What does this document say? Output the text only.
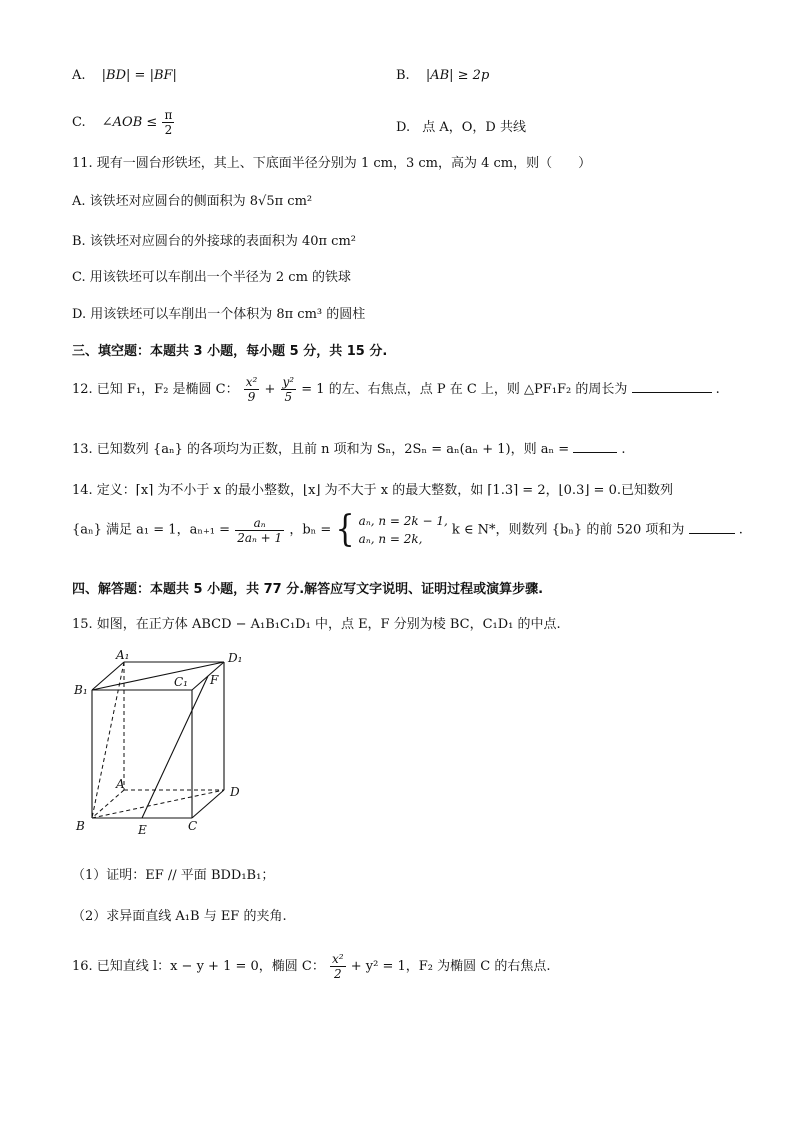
A. |BD| = |BF|	B. |AB| ≥ 2p
C. ∠AOB ≤ $\frac{\pi}{2}$	D. 点 A，O，D 共线
11. 现有一圆台形铁坯，其上、下底面半径分别为 1 cm，3 cm，高为 4 cm，则（　　）
A. 该铁坯对应圆台的侧面积为 8√5π cm²
B. 该铁坯对应圆台的外接球的表面积为 40π cm²
C. 用该铁坯可以车削出一个半径为 2 cm 的铁球
D. 用该铁坯可以车削出一个体积为 8π cm³ 的圆柱
三、填空题：本题共 3 小题，每小题 5 分，共 15 分.
12. 已知 F₁，F₂ 是椭圆 C： $\frac{\text{x²}}{9} + \frac{\text{y²}}{5} = 1$ 的左、右焦点，点 P 在 C 上，则 △PF₁F₂ 的周长为	.
13. 已知数列 {aₙ} 的各项均为正数，且前 n 项和为 Sₙ，2Sₙ = aₙ(aₙ + 1)，则 aₙ =	.
14. 定义：⌈x⌉ 为不小于 x 的最小整数，⌊x⌋ 为不大于 x 的最大整数，如 ⌈1.3⌉ = 2，⌊0.3⌋ = 0.已知数列
{aₙ} 满足 a₁ = 1，$a_{n+1} = \frac{\text{aₙ}}{\text{2aₙ + 1}}$ ，bₙ = { aₙ, n = 2k − 1,
aₙ, n = 2k,
k ∈ N*，则数列 {bₙ} 的前 520 项和为	.
四、解答题：本题共 5 小题，共 77 分.解答应写文字说明、证明过程或演算步骤.
15. 如图，在正方体 ABCD − A₁B₁C₁D₁ 中，点 E，F 分别为棱 BC，C₁D₁ 的中点.
A₁	D₁
B₁
C₁ F
A
D
B	E	C
（1）证明：EF // 平面 BDD₁B₁；
（2）求异面直线 A₁B 与 EF 的夹角.
16. 已知直线 l：x − y + 1 = 0，椭圆 C： $\frac{\text{x²}}{2} + y^2 = 1$，F₂ 为椭圆 C 的右焦点.
